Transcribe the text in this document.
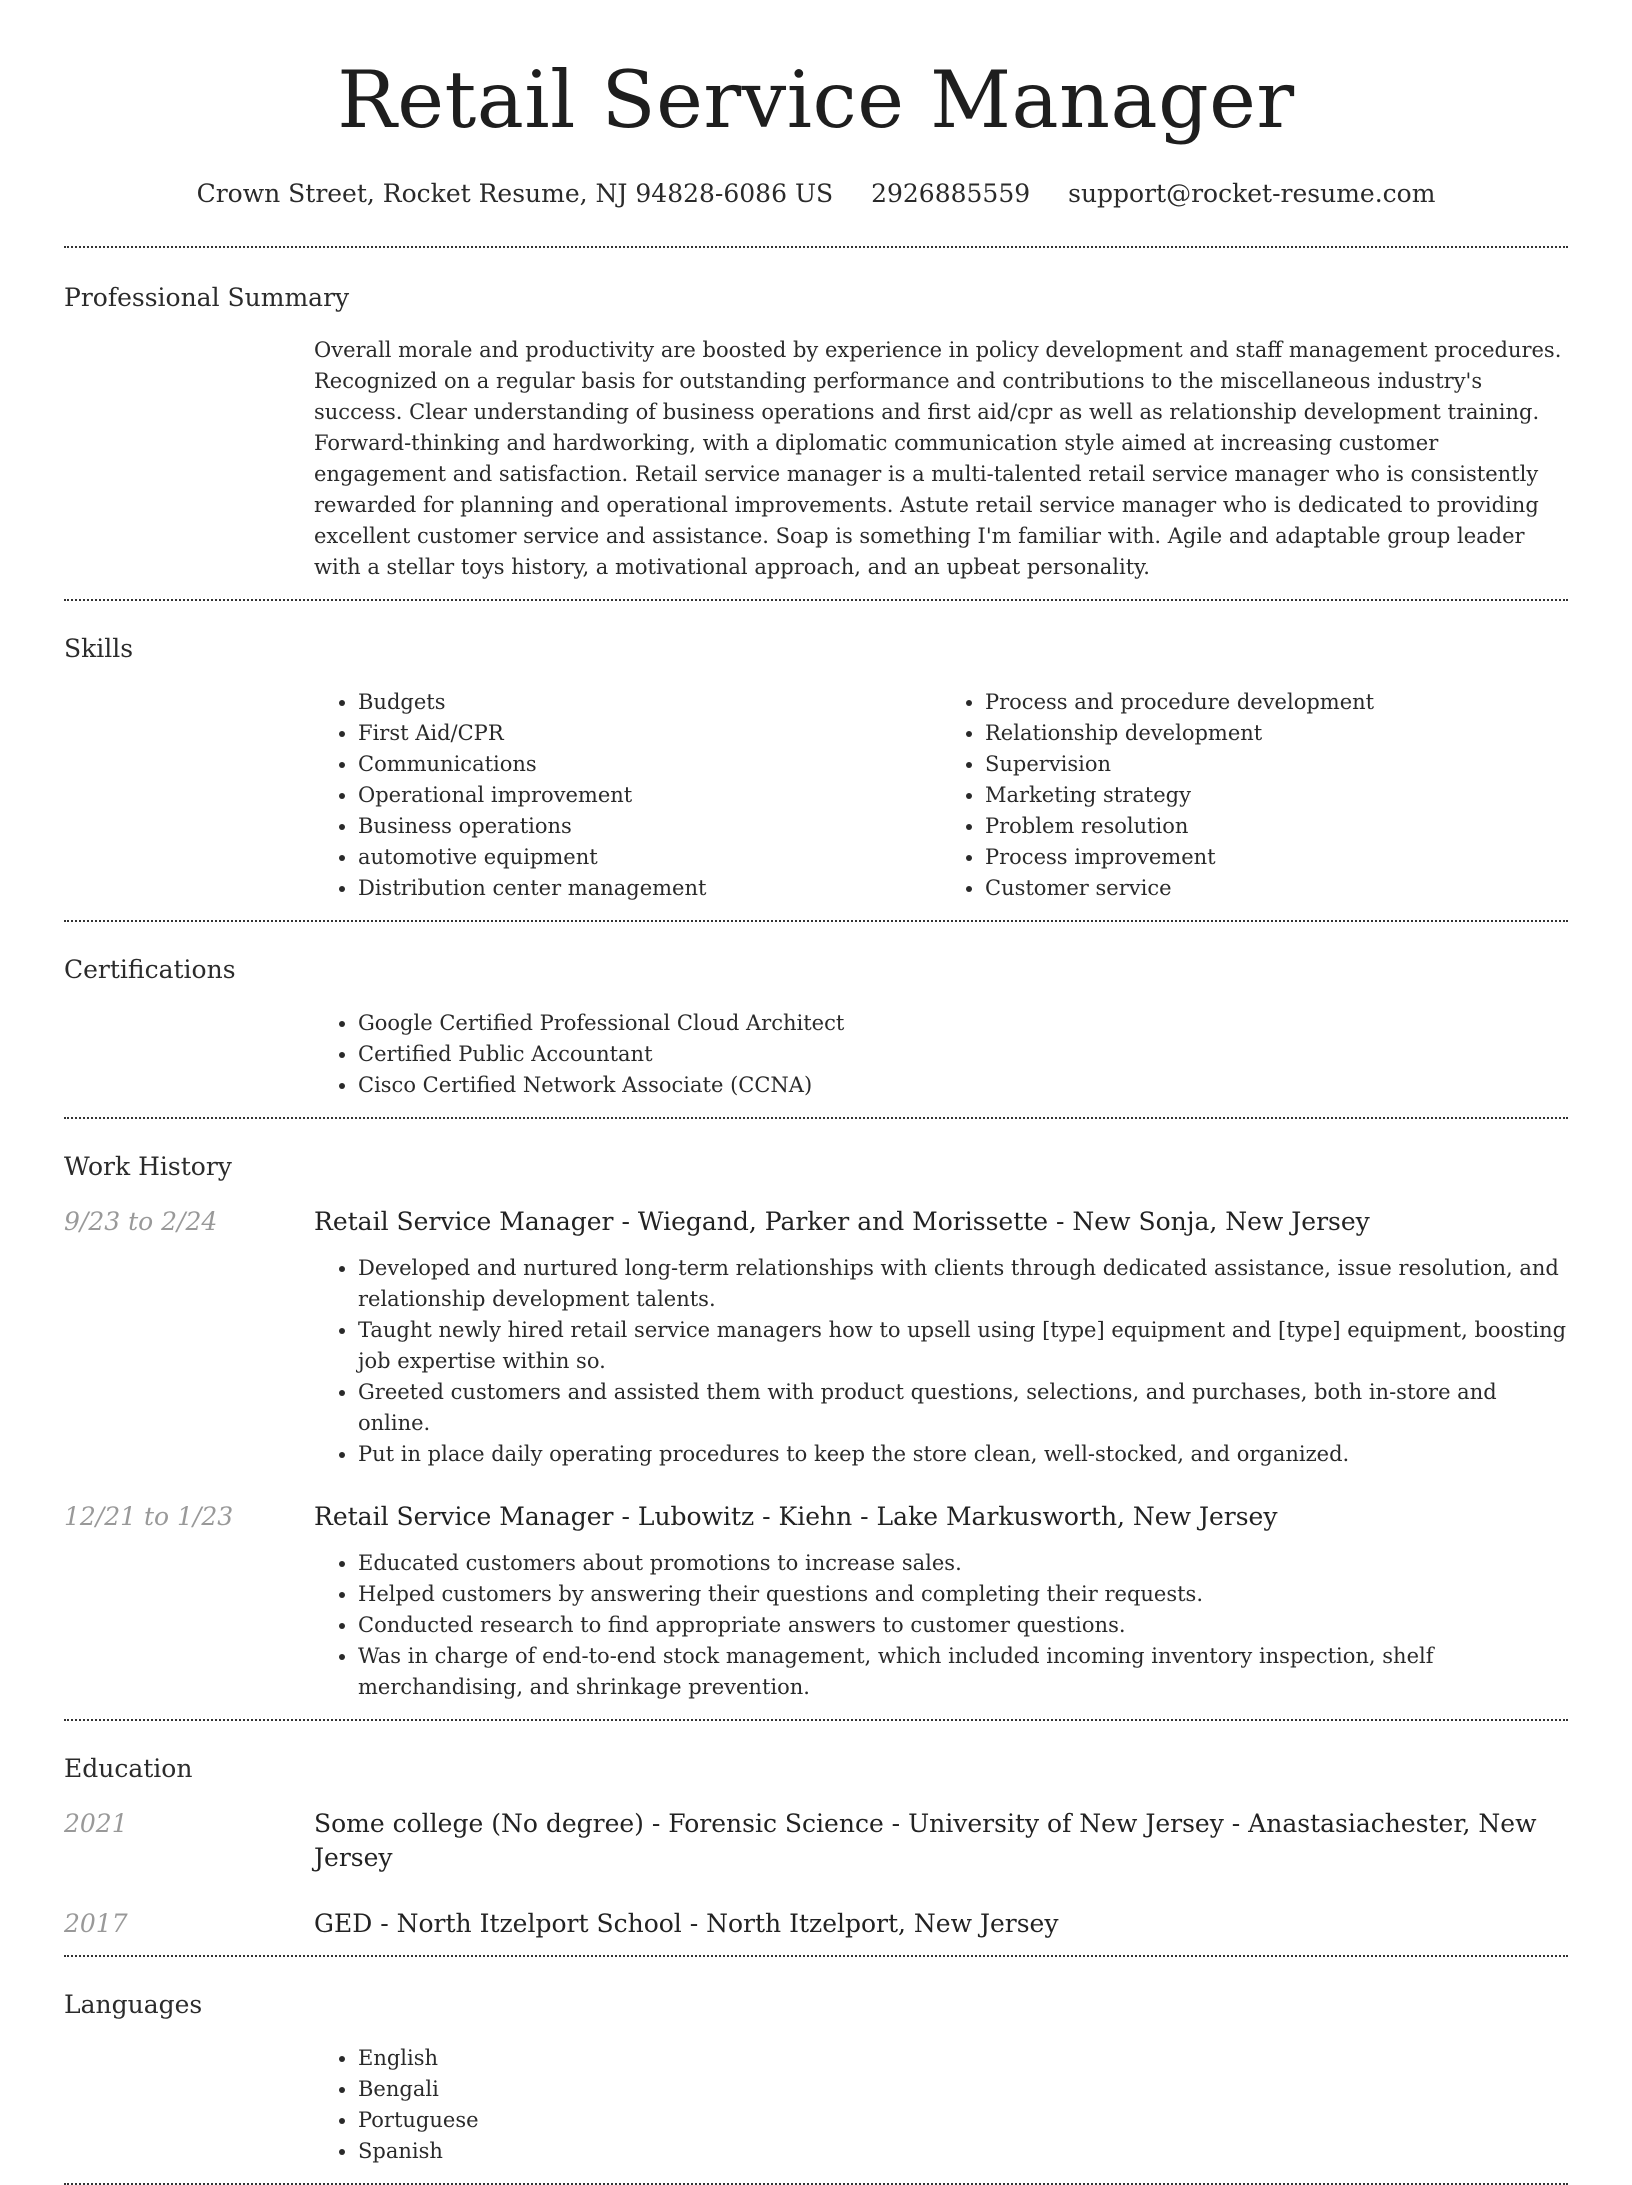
Retail Service Manager
Crown Street, Rocket Resume, NJ 94828-6086 US 2926885559 support@rocket-resume.com
Professional Summary

Overall morale and productivity are boosted by experience in policy development and staff management procedures. Recognized on a regular basis for outstanding performance and contributions to the miscellaneous industry's success. Clear understanding of business operations and first aid/cpr as well as relationship development training. Forward-thinking and hardworking, with a diplomatic communication style aimed at increasing customer engagement and satisfaction. Retail service manager is a multi-talented retail service manager who is consistently rewarded for planning and operational improvements. Astute retail service manager who is dedicated to providing excellent customer service and assistance. Soap is something I'm familiar with. Agile and adaptable group leader with a stellar toys history, a motivational approach, and an upbeat personality.

Skills
• Budgets
• First Aid/CPR
• Communications
• Operational improvement
• Business operations
• automotive equipment
• Distribution center management
• Process and procedure development
• Relationship development
• Supervision
• Marketing strategy
• Problem resolution
• Process improvement
• Customer service
Certifications
• Google Certified Professional Cloud Architect
• Certified Public Accountant
• Cisco Certified Network Associate (CCNA)
Work History
9/23 to 2/24	Retail Service Manager - Wiegand, Parker and Morissette - New Sonja, New Jersey
• Developed and nurtured long-term relationships with clients through dedicated assistance, issue resolution, and relationship development talents.
• Taught newly hired retail service managers how to upsell using [type] equipment and [type] equipment, boosting job expertise within so.
• Greeted customers and assisted them with product questions, selections, and purchases, both in-store and online.
• Put in place daily operating procedures to keep the store clean, well-stocked, and organized.
12/21 to 1/23	Retail Service Manager - Lubowitz - Kiehn - Lake Markusworth, New Jersey
• Educated customers about promotions to increase sales.
• Helped customers by answering their questions and completing their requests.
• Conducted research to find appropriate answers to customer questions.
• Was in charge of end-to-end stock management, which included incoming inventory inspection, shelf merchandising, and shrinkage prevention.
Education
2021	Some college (No degree) - Forensic Science - University of New Jersey - Anastasiachester, New Jersey
2017	GED - North Itzelport School - North Itzelport, New Jersey
Languages
• English
• Bengali
• Portuguese
• Spanish
